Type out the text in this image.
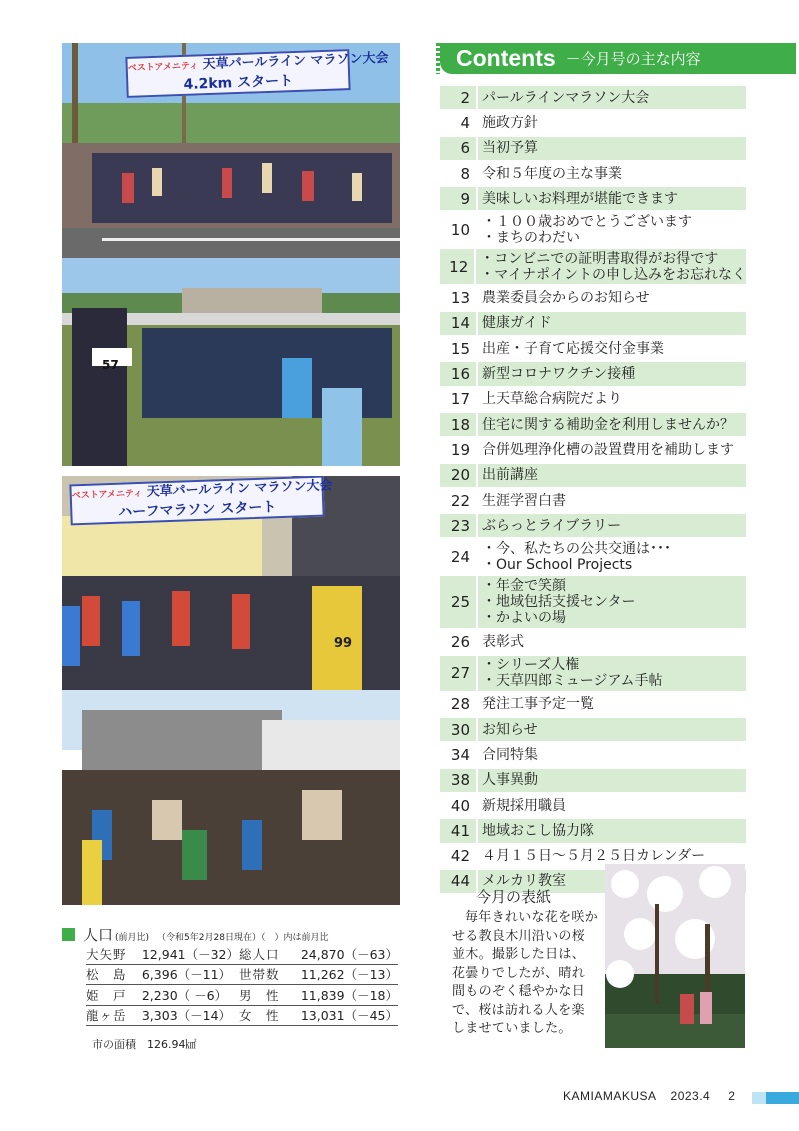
ベストアメニティ 天草パールライン マラソン大会
4.2km スタート
57
ベストアメニティ 天草パールライン マラソン大会
ハーフマラソン スタート
99
Contents －今月号の主な内容
2 パールラインマラソン大会
4 施政方針
6 当初予算
8 令和５年度の主な事業
9 美味しいお料理が堪能できます
10 ・１００歳おめでとうございます
・まちのわだい
12 ・コンビニでの証明書取得がお得です
・マイナポイントの申し込みをお忘れなく
13 農業委員会からのお知らせ
14 健康ガイド
15 出産・子育て応援交付金事業
16 新型コロナワクチン接種
17 上天草総合病院だより
18 住宅に関する補助金を利用しませんか？
19 合併処理浄化槽の設置費用を補助します
20 出前講座
22 生涯学習白書
23 ぶらっとライブラリー
24 ・今、私たちの公共交通は･･･
・Our School Projects
25
・年金で笑顔
・地域包括支援センター
・かよいの場
26 表彰式
27 ・シリーズ人権
・天草四郎ミュージアム手帖
28 発注工事予定一覧
30 お知らせ
34 合同特集
38 人事異動
40 新規採用職員
41 地域おこし協力隊
42 ４月１５日～５月２５日カレンダー
44 メルカリ教室
人口 (前月比) （令和5年2月28日現在）（　）内は前月比
大矢野	12,941（－32）	総人口	24,870（－63）
松　島	6,396（－11）	世帯数	11,262（－13）
姫　戸	2,230（ －6）	男　性	11,839（－18）
龍ヶ岳	3,303（－14）	女　性	13,031（－45）
市の面積　126.94㎢
今月の表紙
毎年きれいな花を咲かせる教良木川沿いの桜並木。撮影した日は、花曇りでしたが、晴れ間ものぞく穏やかな日で、桜は訪れる人を楽しませていました。
KAMIAMAKUSA 2023.4 2
